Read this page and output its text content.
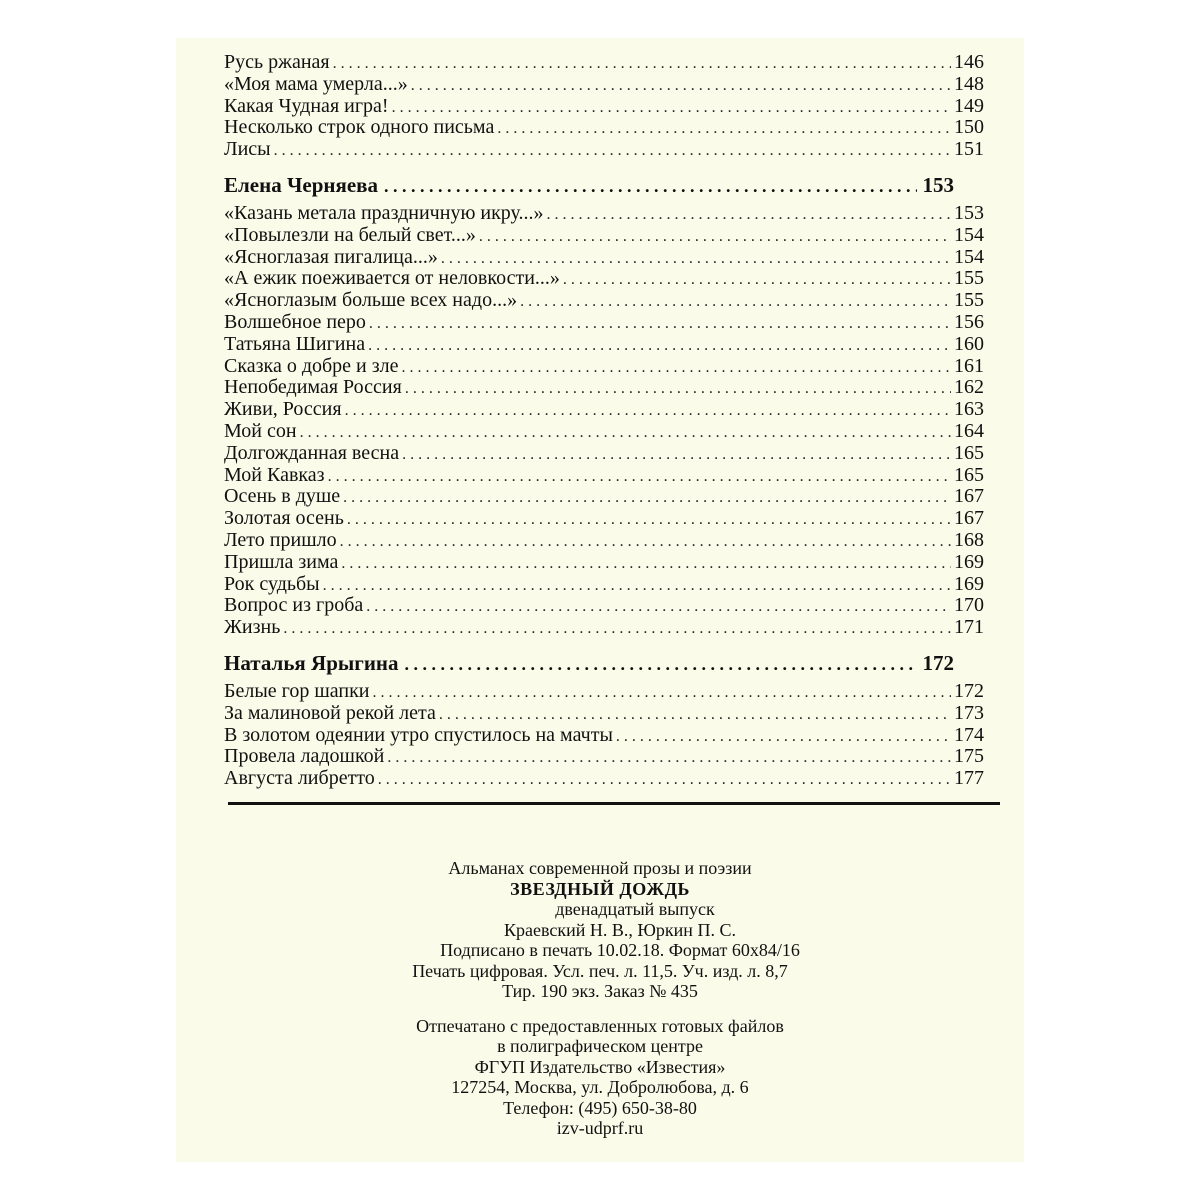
Русь ржаная . . .	146
«Моя мама умерла...» . . .	148
Какая Чудная игра! . . .	149
Несколько строк одного письма . . .	150
Лисы . . .	151
Елена Черняева . . .	153
«Казань метала праздничную икру...» . . .	153
«Повылезли на белый свет...» . . .	154
«Ясноглазая пигалица...» . . .	154
«А ежик поеживается от неловкости...» . . .	155
«Ясноглазым больше всех надо...» . . .	155
Волшебное перо . . .	156
Татьяна Шигина . . .	160
Сказка о добре и зле . . .	161
Непобедимая Россия . . .	162
Живи, Россия . . .	163
Мой сон . . .	164
Долгожданная весна . . .	165
Мой Кавказ . . .	165
Осень в душе . . .	167
Золотая осень . . .	167
Лето пришло . . .	168
Пришла зима . . .	169
Рок судьбы . . .	169
Вопрос из гроба . . .	170
Жизнь . . .	171
Наталья Ярыгина . . .	172
Белые гор шапки . . .	172
За малиновой рекой лета . . .	173
В золотом одеянии утро спустилось на мачты . . .	174
Провела ладошкой . . .	175
Августа либретто . . .	177
Альманах современной прозы и поэзии
ЗВЕЗДНЫЙ ДОЖДЬ
двенадцатый выпуск
Краевский Н. В., Юркин П. С.
Подписано в печать 10.02.18. Формат 60x84/16
Печать цифровая. Усл. печ. л. 11,5. Уч. изд. л. 8,7
Тир. 190 экз. Заказ № 435
Отпечатано с предоставленных готовых файлов
в полиграфическом центре
ФГУП Издательство «Известия»
127254, Москва, ул. Добролюбова, д. 6
Телефон: (495) 650-38-80
izv-udprf.ru
